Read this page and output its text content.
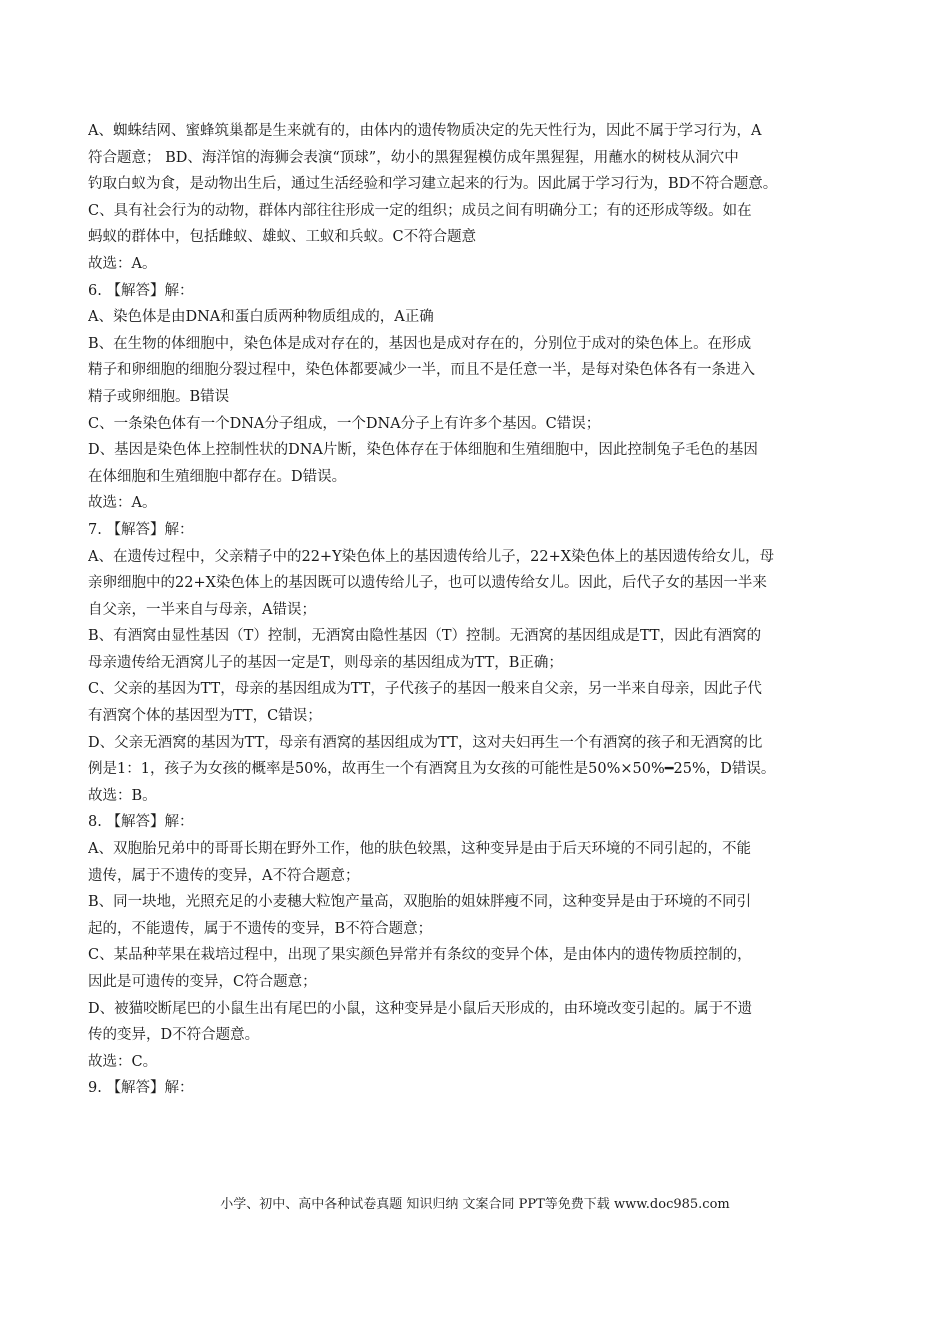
A、蜘蛛结网、蜜蜂筑巢都是生来就有的，由体内的遗传物质决定的先天性行为，因此不属于学习行为，A
符合题意； BD、海洋馆的海狮会表演“顶球”，幼小的黑猩猩模仿成年黑猩猩，用蘸水的树枝从洞穴中
钓取白蚁为食，是动物出生后，通过生活经验和学习建立起来的行为。因此属于学习行为，BD不符合题意。
C、具有社会行为的动物，群体内部往往形成一定的组织；成员之间有明确分工；有的还形成等级。如在
蚂蚁的群体中，包括雌蚁、雄蚁、工蚁和兵蚁。C不符合题意
故选：A。
6. 【解答】解：
A、染色体是由DNA和蛋白质两种物质组成的，A正确
B、在生物的体细胞中，染色体是成对存在的，基因也是成对存在的，分别位于成对的染色体上。在形成
精子和卵细胞的细胞分裂过程中，染色体都要减少一半，而且不是任意一半，是每对染色体各有一条进入
精子或卵细胞。B错误
C、一条染色体有一个DNA分子组成，一个DNA分子上有许多个基因。C错误；
D、基因是染色体上控制性状的DNA片断，染色体存在于体细胞和生殖细胞中，因此控制兔子毛色的基因
在体细胞和生殖细胞中都存在。D错误。
故选：A。
7. 【解答】解：
A、在遗传过程中，父亲精子中的22+Y染色体上的基因遗传给儿子，22+X染色体上的基因遗传给女儿，母
亲卵细胞中的22+X染色体上的基因既可以遗传给儿子，也可以遗传给女儿。因此，后代子女的基因一半来
自父亲，一半来自与母亲，A错误；
B、有酒窝由显性基因（T）控制，无酒窝由隐性基因（T）控制。无酒窝的基因组成是TT，因此有酒窝的
母亲遗传给无酒窝儿子的基因一定是T，则母亲的基因组成为TT，B正确；
C、父亲的基因为TT，母亲的基因组成为TT，子代孩子的基因一般来自父亲，另一半来自母亲，因此子代
有酒窝个体的基因型为TT，C错误；
D、父亲无酒窝的基因为TT，母亲有酒窝的基因组成为TT，这对夫妇再生一个有酒窝的孩子和无酒窝的比
例是1：1，孩子为女孩的概率是50%，故再生一个有酒窝且为女孩的可能性是50%×50%━25%，D错误。
故选：B。
8. 【解答】解：
A、双胞胎兄弟中的哥哥长期在野外工作，他的肤色较黑，这种变异是由于后天环境的不同引起的，不能
遗传，属于不遗传的变异，A不符合题意；
B、同一块地，光照充足的小麦穗大粒饱产量高，双胞胎的姐妹胖瘦不同，这种变异是由于环境的不同引
起的，不能遗传，属于不遗传的变异，B不符合题意；
C、某品种苹果在栽培过程中，出现了果实颜色异常并有条纹的变异个体，是由体内的遗传物质控制的，
因此是可遗传的变异，C符合题意；
D、被猫咬断尾巴的小鼠生出有尾巴的小鼠，这种变异是小鼠后天形成的，由环境改变引起的。属于不遗
传的变异，D不符合题意。
故选：C。
9. 【解答】解：
小学、初中、高中各种试卷真题 知识归纳 文案合同 PPT等免费下载 www.doc985.com
